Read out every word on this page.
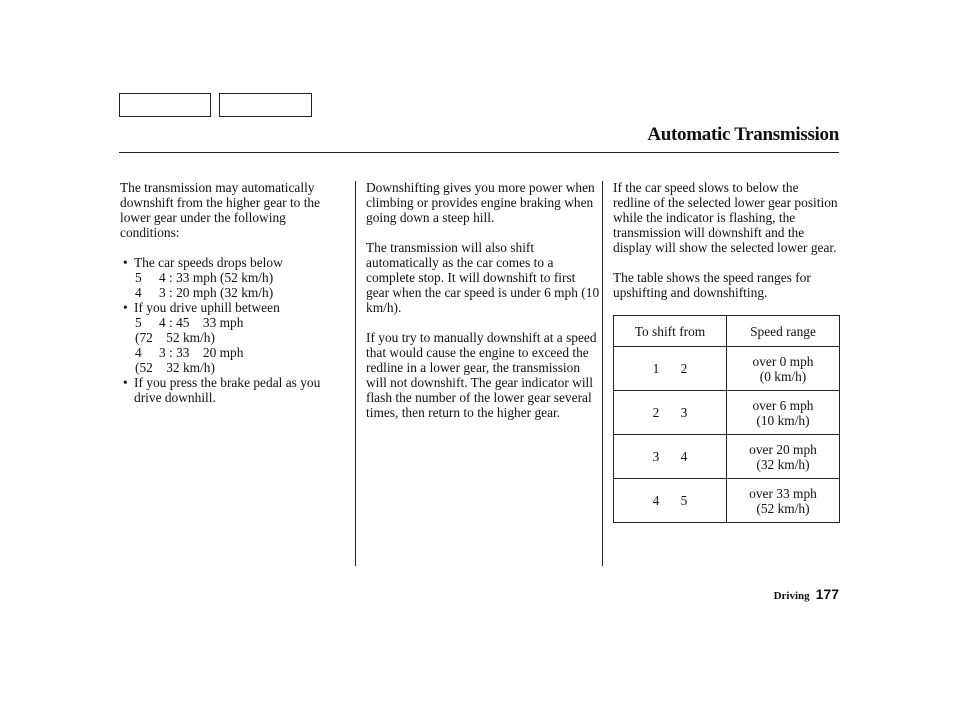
Automatic Transmission

The transmission may automatically downshift from the higher gear to the lower gear under the following conditions:

• The car speeds drops below
5 4 : 33 mph (52 km/h)
4 3 : 20 mph (32 km/h)
• If you drive uphill between
5 4 : 45    33 mph
(72    52 km/h)
4 3 : 33    20 mph
(52    32 km/h)
• If you press the brake pedal as you drive downhill.

Downshifting gives you more power when climbing or provides engine braking when going down a steep hill.

The transmission will also shift automatically as the car comes to a complete stop. It will downshift to first gear when the car speed is under 6 mph (10 km/h).

If you try to manually downshift at a speed that would cause the engine to exceed the redline in a lower gear, the transmission will not downshift. The gear indicator will flash the number of the lower gear several times, then return to the higher gear.

If the car speed slows to below the redline of the selected lower gear position while the indicator is flashing, the transmission will downshift and the display will show the selected lower gear.

The table shows the speed ranges for upshifting and downshifting.

To shift from	Speed range
1 2	over 0 mph
(0 km/h)

2 3	over 6 mph
(10 km/h)

3 4	over 20 mph
(32 km/h)

4 5	over 33 mph
(52 km/h)
Driving 177
